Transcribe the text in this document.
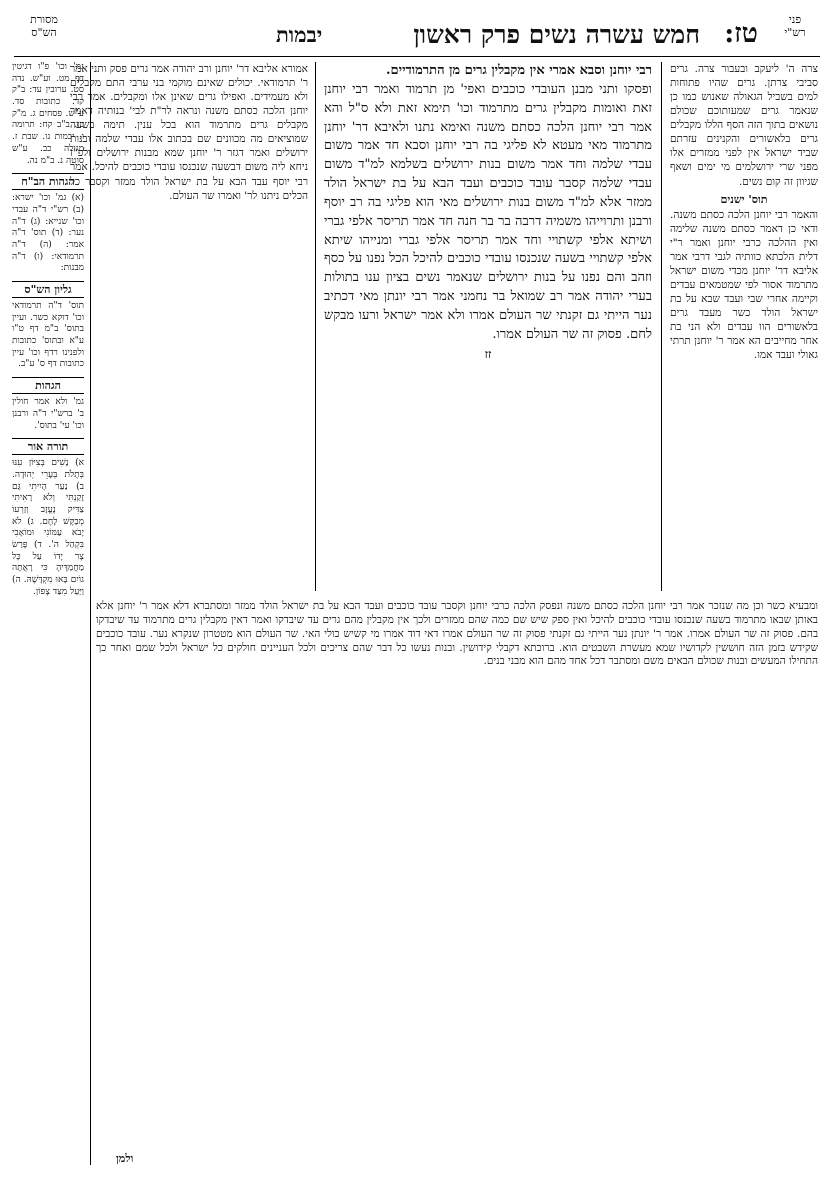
פני
רש"י
טז:
חמש עשרה נשים פרק ראשון
יבמות
מסורת
הש"ס
צרה ה' ליעקב ובעבור צרה. גרים סביבי צרתן. גרים שהיו פתוחות למים בשביל הגאולה שאנוש כמו כן שנאמר גרים שמעותוכם שכולם נושאים בתוך הזה הסף הללו מקבלים גרים בלאשורים והקנינים עזרתם שביד ישראל אין לפני ממזרים אלו מפני שרי ירושלמים מי ימים ושאף שגיוון זה קום נשים.
תוס' ישנים
והאמר רבי יוחנן הלכה כסתם משנה. ודאי כן דאמר כסתם משנה שלימה ואין ההלכה כרבי יוחנן ואמר ר"י דלית הלכתא כוותיה לגבי דרבי אמר אליבא דר' יוחנן מכדי משום ישראל מתרמוד אסור לפי שמטמאים עבדים וקיימה אחרי שבי ועבד שבא על בת ישראל הולד כשר מעבד גרים בלאשורים הוו עבדים ולא הני בת אחר מחייבים הא אמר ר' יוחנן תרתי גאולי ועבד אמו.
רבי יוחנן וסבא אמרי אין מקבלין גרים מן התרמודיים.
ופסקו ותני מבנן העובדי כוכבים ואפי' מן תרמוד ואמר רבי יוחנן זאת ואומות מקבלין גרים מתרמוד וכו' תימא זאת ולא ס"ל והא אמר רבי יוחנן הלכה כסתם משנה ואימא נתנו ולאיבא דר' יוחנן מתרמוד מאי מעטא לא פליגי בה רבי יוחנן וסבא חד אמר משום עבדי שלמה וחד אמר משום בנות ירושלים בשלמא למ"ד משום עבדי שלמה קסבר עובד כוכבים ועבד הבא על בת ישראל הולד ממזר אלא למ"ד משום בנות ירושלים מאי הוא פליגי בה רב יוסף ורבנן ותרוייהו משמיה דרבה בר בר חנה חד אמר תריסר אלפי גברי ושיתא אלפי קשתויי וחד אמר תריסר אלפי גברי ומנייהו שיתא אלפי קשתויי בשעה שנכנסו עובדי כוכבים להיכל הכל נפנו על כסף וזהב והם נפנו על בנות ירושלים שנאמר נשים בציון ענו בתולות בערי יהודה אמר רב שמואל בר נחמני אמר רבי יונתן מאי דכתיב נער הייתי גם זקנתי שר העולם אמרו ולא אמר ישראל ורעו מבקש לחם. פסוק זה שר העולם אמרו.
זז
אמורא אליבא דר' יוחנן ורב יהודה אמר גרים פסק ותני אמר ר' תרמודאי. יכולים שאינם מוקמי בני ערבי התם מקבלים ולא מעמידים. ואפילו גרים שאינן אלו ומקבלים. אמר רבי יוחנן הלכה כסתם משנה ונראה לר"ת לבי' בנותיה דאמר מקבלים גרים מתרמוד הוא בכל ענין. תימה בשעה שמוציאים מה מכוונים שם בכתוב אלו עבדי שלמה ובנות ירושלים ואמר דגזר ר' יוחנן שמא מבנות ירושלים ולפ"ז ניחא ליה משום דבשעה שנכנסו עובדי כוכבים להיכל. אמר רבי יוסף עבד הבא על בת ישראל הולד ממזר וקסבר כל הכלים ניתנו לר' ואמרו שר העולם.
גמ' וכו' פ"ו דגיטין דף מט. וע"ש. נדה סט. ערובין עד: ב"ק קד. כתובות סד. ע"ש. פסחים ג. מ"ק כו. ב"ב קח: תרומה ו. יבמות נו. שבת ז. מגילה כב. ע"ש סוטה נ. ב"מ נה.
הגהות הב"ח
(א) גמ' וכו' ישרא: (ב) רש"י ד"ה עבדי וכו' שנייא: (ג) ד"ה נער: (ד) תוס' ד"ה אמר: (ה) ד"ה תרמודאי: (ו) ד"ה מבנות:
גליון הש"ס
תוס' ד"ה תרמודאי וכו' דוקא כשר. ועיין בתוס' ב"מ דף ט"ו ע"א ובתוס' כתובות ולפנינו רדף וכו' עיין כתובות דף ס' ע"ב.
הגהות
גמ' ולא אמר חולין ב' ברש"י ד"ה ורבנן וכו' עי' בתוס'.
תורה אור
א) נָשִׁים בְּצִיּוֹן עִנּוּ בְּתֻלֹת בְּעָרֵי יְהוּדָה. ב) נַעַר הָיִיתִי גַּם זָקַנְתִּי וְלֹא רָאִיתִי צַדִּיק נֶעֱזָב וְזַרְעוֹ מְבַקֶּשׁ לָחֶם. ג) לֹא יָבֹא עַמּוֹנִי וּמוֹאָבִי בִּקְהַל ה'. ד) פָּרַשׂ צָר יָדוֹ עַל כָּל מַחֲמַדֶּיהָ כִּי רָאֲתָה גוֹיִם בָּאוּ מִקְדָּשָׁהּ. ה) וַיַּעַל מִצַּד צָפוֹן.
ומבעיא כשר וכן מה שנזכר אמר רבי יוחנן הלכה כסתם משנה ונפסק הלכה כרבי יוחנן וקסבר עובד כוכבים ועבד הבא על בת ישראל הולד ממזר ומסתברא דלא אמר ר' יוחנן אלא באותן שבאו מתרמוד בשעה שנכנסו עובדי כוכבים להיכל ואין ספק שיש שם כמה שהם ממזרים ולכך אין מקבלין מהם גרים עד שיבדקו ואמר דאין מקבלין גרים מתרמוד עד שיבדקו בהם. פסוק זה שר העולם אמרו. אמר ר' יונתן נער הייתי גם זקנתי פסוק זה שר העולם אמרו דאי דוד אמרו מי קשיש כולי האי. שר העולם הוא מטטרון שנקרא נער. עובד כוכבים שקידש בזמן הזה חוששין לקדושיו שמא מעשרת השבטים הוא. ברוכתא דקבלי קידושין. ובנות נעשו כל דבר שהם צריכים ולכל העניינים חולקים כל ישראל ולכל שמם ואחר כך התחילו המעשים ובנות שכולם הבאים משם ומסתבר דכל אחד מהם הוא מבני בנים.
ולמן
